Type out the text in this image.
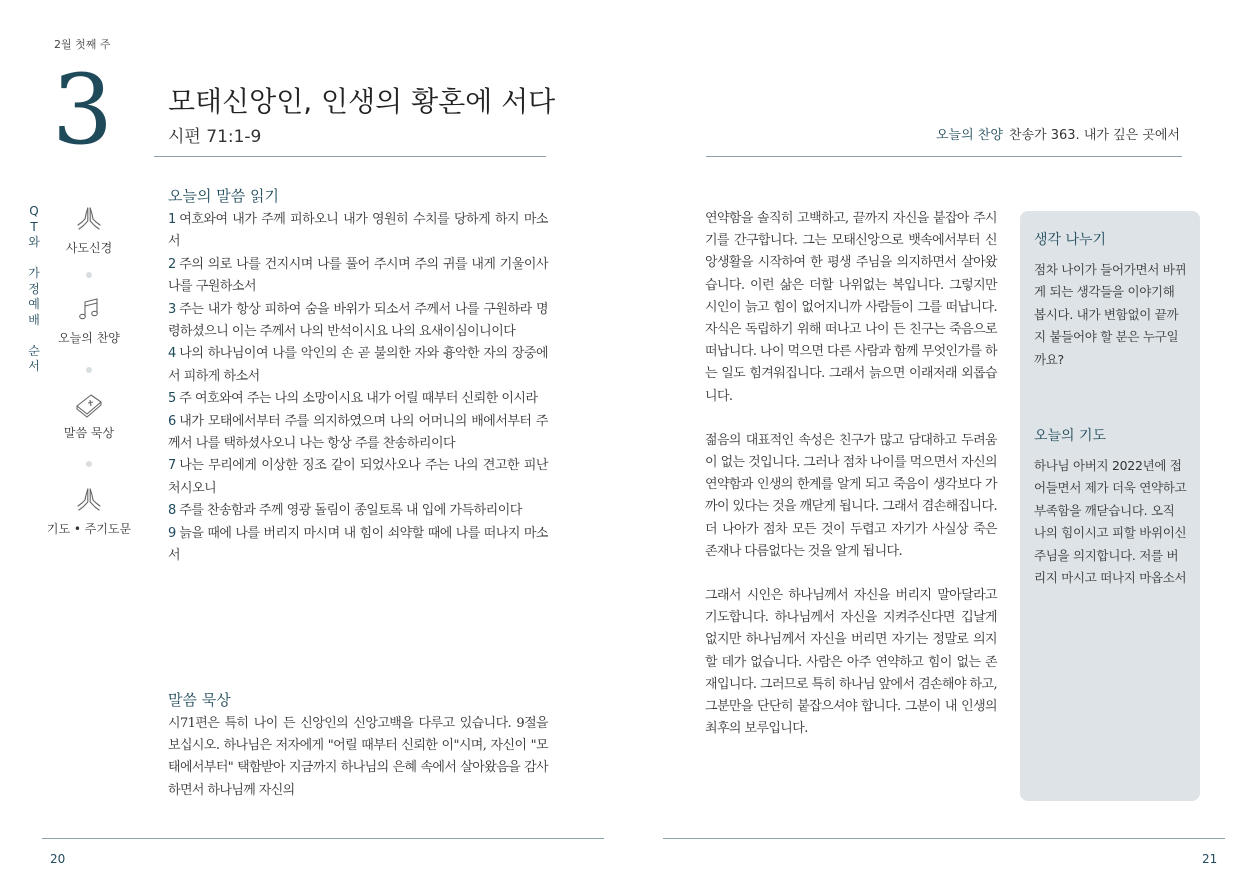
2월 첫째 주
3 모태신앙인, 인생의 황혼에 서다
시편 71:1-9
Q
T
와
가
정
예
배
순
서
사도신경
오늘의 찬양
말씀 묵상
기도 • 주기도문
오늘의 말씀 읽기

1 여호와여 내가 주께 피하오니 내가 영원히 수치를 당하게 하지 마소서

2 주의 의로 나를 건지시며 나를 풀어 주시며 주의 귀를 내게 기울이사 나를 구원하소서

3 주는 내가 항상 피하여 숨을 바위가 되소서 주께서 나를 구원하라 명령하셨으니 이는 주께서 나의 반석이시요 나의 요새이심이니이다

4 나의 하나님이여 나를 악인의 손 곧 불의한 자와 흉악한 자의 장중에서 피하게 하소서

5 주 여호와여 주는 나의 소망이시요 내가 어릴 때부터 신뢰한 이시라

6 내가 모태에서부터 주를 의지하였으며 나의 어머니의 배에서부터 주께서 나를 택하셨사오니 나는 항상 주를 찬송하리이다

7 나는 무리에게 이상한 징조 같이 되었사오나 주는 나의 견고한 피난처시오니

8 주를 찬송함과 주께 영광 돌림이 종일토록 내 입에 가득하리이다

9 늙을 때에 나를 버리지 마시며 내 힘이 쇠약할 때에 나를 떠나지 마소서

말씀 묵상

시71편은 특히 나이 든 신앙인의 신앙고백을 다루고 있습니다. 9절을 보십시오. 하나님은 저자에게 "어릴 때부터 신뢰한 이"시며, 자신이 "모태에서부터" 택함받아 지금까지 하나님의 은혜 속에서 살아왔음을 감사하면서 하나님께 자신의

20
오늘의 찬양 찬송가 363. 내가 깊은 곳에서

연약함을 솔직히 고백하고, 끝까지 자신을 붙잡아 주시기를 간구합니다. 그는 모태신앙으로 뱃속에서부터 신앙생활을 시작하여 한 평생 주님을 의지하면서 살아왔습니다. 이런 삶은 더할 나위없는 복입니다. 그렇지만 시인이 늙고 힘이 없어지니까 사람들이 그를 떠납니다. 자식은 독립하기 위해 떠나고 나이 든 친구는 죽음으로 떠납니다. 나이 먹으면 다른 사람과 함께 무엇인가를 하는 일도 힘겨워집니다. 그래서 늙으면 이래저래 외롭습니다.

젊음의 대표적인 속성은 친구가 많고 담대하고 두려움이 없는 것입니다. 그러나 점차 나이를 먹으면서 자신의 연약함과 인생의 한계를 알게 되고 죽음이 생각보다 가까이 있다는 것을 깨닫게 됩니다. 그래서 겸손해집니다. 더 나아가 점차 모든 것이 두렵고 자기가 사실상 죽은 존재나 다름없다는 것을 알게 됩니다.

그래서 시인은 하나님께서 자신을 버리지 말아달라고 기도합니다. 하나님께서 자신을 지켜주신다면 깁날게 없지만 하나님께서 자신을 버리면 자기는 정말로 의지할 데가 없습니다. 사람은 아주 연약하고 힘이 없는 존재입니다. 그러므로 특히 하나님 앞에서 겸손해야 하고, 그분만을 단단히 붙잡으셔야 합니다. 그분이 내 인생의 최후의 보루입니다.

생각 나누기
점차 나이가 들어가면서 바뀌게 되는 생각들을 이야기해 봅시다. 내가 변함없이 끝까지 붙들어야 할 분은 누구일까요?
오늘의 기도
하나님 아버지 2022년에 접어들면서 제가 더욱 연약하고 부족함을 깨닫습니다. 오직 나의 힘이시고 피할 바위이신 주님을 의지합니다. 저를 버리지 마시고 떠나지 마옵소서
21
